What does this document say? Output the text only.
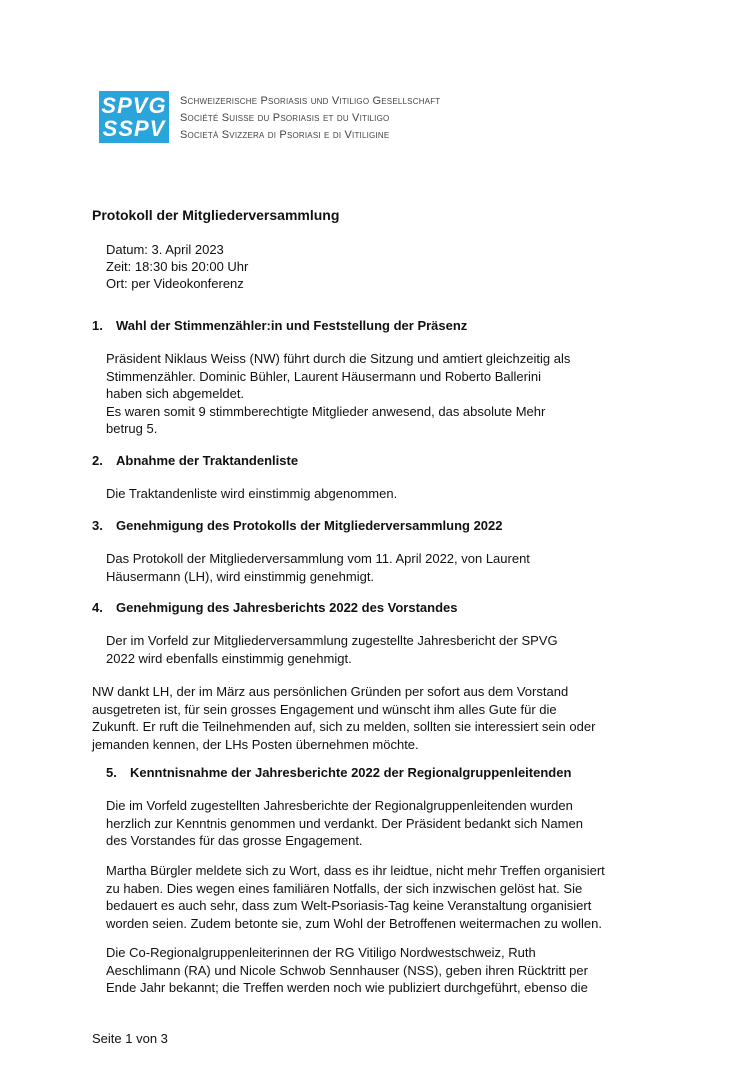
SPVG
SSPV
Schweizerische Psoriasis und Vitiligo Gesellschaft
Société Suisse du Psoriasis et du Vitiligo
Società Svizzera di Psoriasi e di Vitiligine
Protokoll der Mitgliederversammlung
Datum: 3. April 2023
Zeit: 18:30 bis 20:00 Uhr
Ort: per Videokonferenz
1. Wahl der Stimmenzähler:in und Feststellung der Präsenz
Präsident Niklaus Weiss (NW) führt durch die Sitzung und amtiert gleichzeitig als
Stimmenzähler. Dominic Bühler, Laurent Häusermann und Roberto Ballerini
haben sich abgemeldet.
Es waren somit 9 stimmberechtigte Mitglieder anwesend, das absolute Mehr
betrug 5.
2. Abnahme der Traktandenliste
Die Traktandenliste wird einstimmig abgenommen.
3. Genehmigung des Protokolls der Mitgliederversammlung 2022
Das Protokoll der Mitgliederversammlung vom 11. April 2022, von Laurent
Häusermann (LH), wird einstimmig genehmigt.
4. Genehmigung des Jahresberichts 2022 des Vorstandes
Der im Vorfeld zur Mitgliederversammlung zugestellte Jahresbericht der SPVG
2022 wird ebenfalls einstimmig genehmigt.
NW dankt LH, der im März aus persönlichen Gründen per sofort aus dem Vorstand
ausgetreten ist, für sein grosses Engagement und wünscht ihm alles Gute für die
Zukunft. Er ruft die Teilnehmenden auf, sich zu melden, sollten sie interessiert sein oder
jemanden kennen, der LHs Posten übernehmen möchte.
5. Kenntnisnahme der Jahresberichte 2022 der Regionalgruppenleitenden
Die im Vorfeld zugestellten Jahresberichte der Regionalgruppenleitenden wurden
herzlich zur Kenntnis genommen und verdankt. Der Präsident bedankt sich Namen
des Vorstandes für das grosse Engagement.
Martha Bürgler meldete sich zu Wort, dass es ihr leidtue, nicht mehr Treffen organisiert
zu haben. Dies wegen eines familiären Notfalls, der sich inzwischen gelöst hat. Sie
bedauert es auch sehr, dass zum Welt-Psoriasis-Tag keine Veranstaltung organisiert
worden seien. Zudem betonte sie, zum Wohl der Betroffenen weitermachen zu wollen.
Die Co-Regionalgruppenleiterinnen der RG Vitiligo Nordwestschweiz, Ruth
Aeschlimann (RA) und Nicole Schwob Sennhauser (NSS), geben ihren Rücktritt per
Ende Jahr bekannt; die Treffen werden noch wie publiziert durchgeführt, ebenso die
Seite 1 von 3
